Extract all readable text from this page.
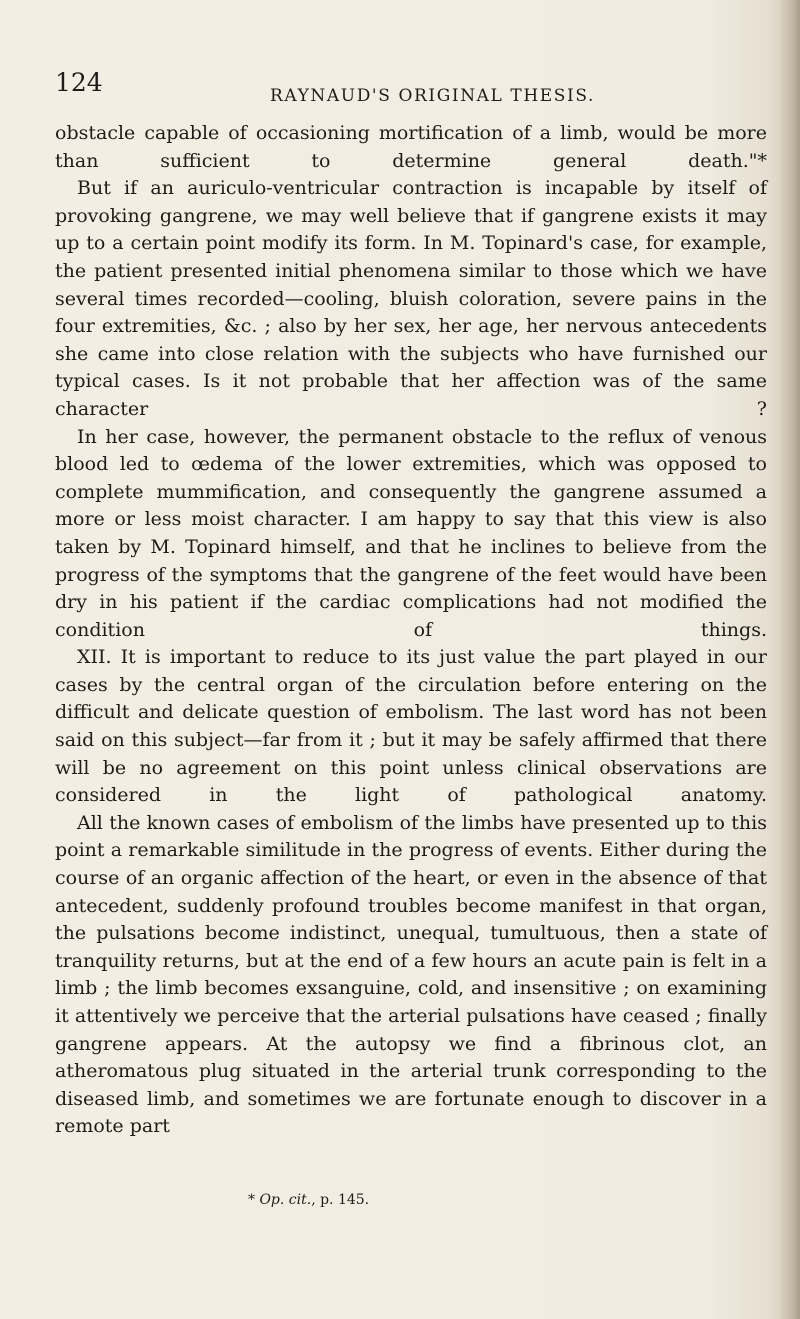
124	RAYNAUD'S ORIGINAL THESIS.

obstacle capable of occasioning mortification of a limb, would be more than sufficient to determine general death."*

But if an auriculo-ventricular contraction is incapable by itself of provoking gangrene, we may well believe that if gangrene exists it may up to a certain point modify its form. In M. Topinard's case, for example, the patient presented initial phenomena similar to those which we have several times recorded—cooling, bluish coloration, severe pains in the four extremities, &c. ; also by her sex, her age, her nervous antecedents she came into close relation with the subjects who have furnished our typical cases. Is it not probable that her affection was of the same character ?

In her case, however, the permanent obstacle to the reflux of venous blood led to œdema of the lower extremities, which was opposed to complete mummification, and consequently the gangrene assumed a more or less moist character. I am happy to say that this view is also taken by M. Topinard himself, and that he inclines to believe from the progress of the symptoms that the gangrene of the feet would have been dry in his patient if the cardiac complications had not modified the condition of things.

XII. It is important to reduce to its just value the part played in our cases by the central organ of the circulation before entering on the difficult and delicate question of embolism. The last word has not been said on this subject—far from it ; but it may be safely affirmed that there will be no agreement on this point unless clinical observations are considered in the light of pathological anatomy.

All the known cases of embolism of the limbs have presented up to this point a remarkable similitude in the progress of events. Either during the course of an organic affection of the heart, or even in the absence of that antecedent, suddenly profound troubles become manifest in that organ, the pulsations become indistinct, unequal, tumultuous, then a state of tranquility returns, but at the end of a few hours an acute pain is felt in a limb ; the limb becomes exsanguine, cold, and insensitive ; on examining it attentively we perceive that the arterial pulsations have ceased ; finally gangrene appears. At the autopsy we find a fibrinous clot, an atheromatous plug situated in the arterial trunk corresponding to the diseased limb, and sometimes we are fortunate enough to discover in a remote part

* Op. cit., p. 145.
